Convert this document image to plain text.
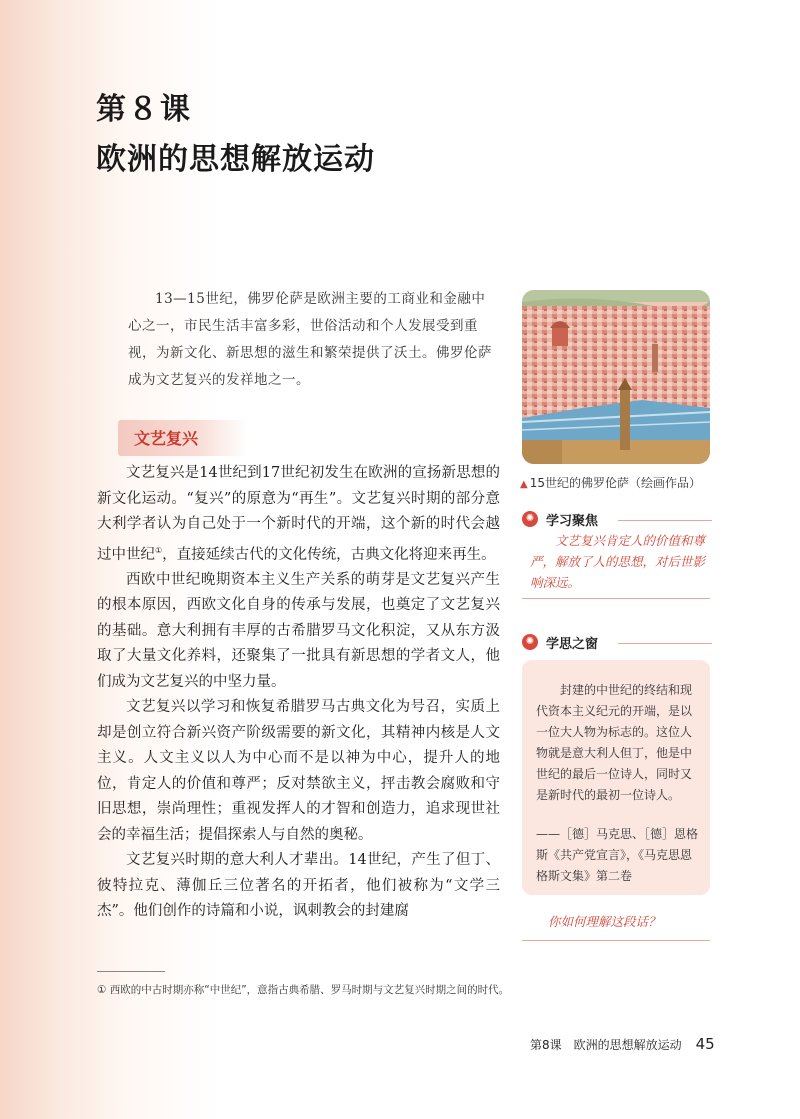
第８课
欧洲的思想解放运动
13—15世纪，佛罗伦萨是欧洲主要的工商业和金融中心之一，市民生活丰富多彩，世俗活动和个人发展受到重视，为新文化、新思想的滋生和繁荣提供了沃土。佛罗伦萨成为文艺复兴的发祥地之一。
文艺复兴

文艺复兴是14世纪到17世纪初发生在欧洲的宣扬新思想的新文化运动。“复兴”的原意为“再生”。文艺复兴时期的部分意大利学者认为自己处于一个新时代的开端，这个新的时代会越过中世纪①，直接延续古代的文化传统，古典文化将迎来再生。

西欧中世纪晚期资本主义生产关系的萌芽是文艺复兴产生的根本原因，西欧文化自身的传承与发展，也奠定了文艺复兴的基础。意大利拥有丰厚的古希腊罗马文化积淀，又从东方汲取了大量文化养料，还聚集了一批具有新思想的学者文人，他们成为文艺复兴的中坚力量。

文艺复兴以学习和恢复希腊罗马古典文化为号召，实质上却是创立符合新兴资产阶级需要的新文化，其精神内核是人文主义。人文主义以人为中心而不是以神为中心，提升人的地位，肯定人的价值和尊严；反对禁欲主义，抨击教会腐败和守旧思想，崇尚理性；重视发挥人的才智和创造力，追求现世社会的幸福生活；提倡探索人与自然的奥秘。

文艺复兴时期的意大利人才辈出。14世纪，产生了但丁、彼特拉克、薄伽丘三位著名的开拓者，他们被称为“文学三杰”。他们创作的诗篇和小说，讽刺教会的封建腐

▲ 15世纪的佛罗伦萨（绘画作品）
✺ 学习聚焦
文艺复兴肯定人的价值和尊严，解放了人的思想，对后世影响深远。
✺ 学思之窗
封建的中世纪的终结和现代资本主义纪元的开端，是以一位大人物为标志的。这位人物就是意大利人但丁，他是中世纪的最后一位诗人，同时又是新时代的最初一位诗人。
——［德］马克思、［德］恩格斯《共产党宣言》，《马克思恩格斯文集》第二卷
你如何理解这段话？
① 西欧的中古时期亦称“中世纪”，意指古典希腊、罗马时期与文艺复兴时期之间的时代。
第8课　欧洲的思想解放运动 45
